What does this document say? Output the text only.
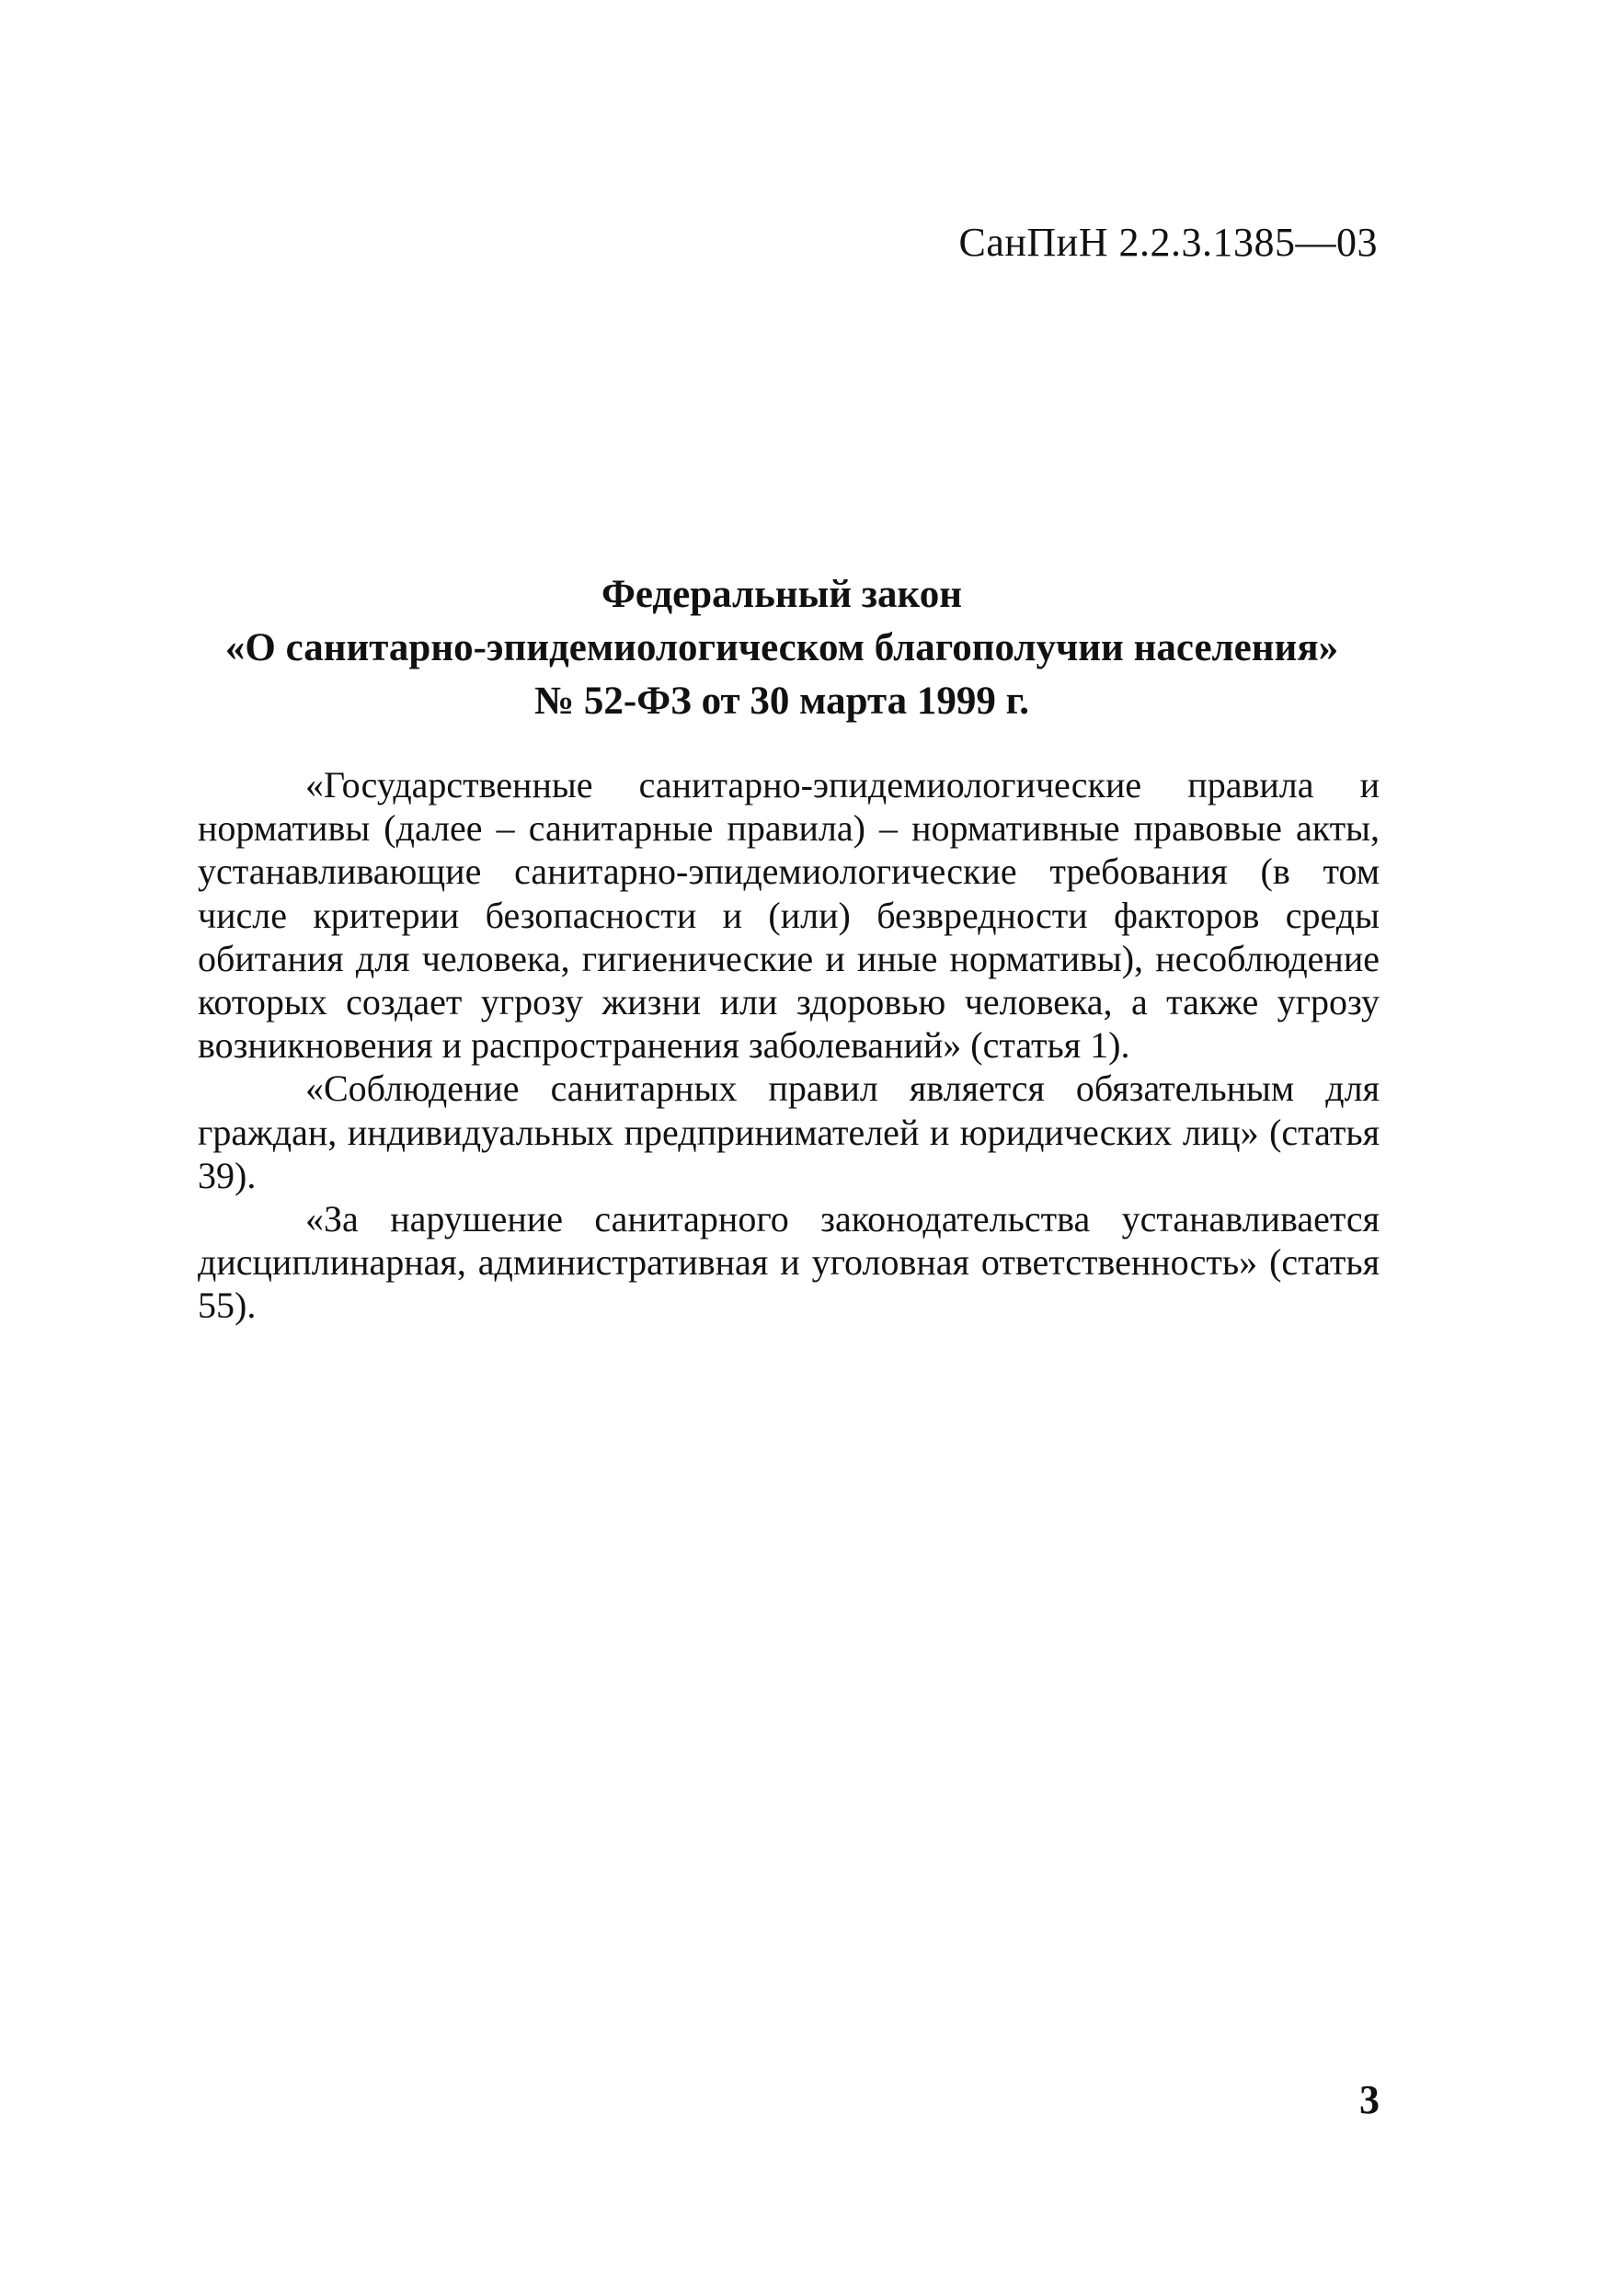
СанПиН 2.2.3.1385—03
Федеральный закон
«О санитарно-эпидемиологическом благополучии населения»
№ 52-ФЗ от 30 марта 1999 г.

«Государственные санитарно-эпидемиологические правила и нормативы (далее – санитарные правила) – нормативные правовые акты, устанавливающие санитарно-эпидемиологические требования (в том числе критерии безопасности и (или) безвредности факторов среды обитания для человека, гигиенические и иные нормативы), несоблюдение которых создает угрозу жизни или здоровью человека, а также угрозу возникновения и распространения заболеваний» (статья 1).

«Соблюдение санитарных правил является обязательным для граждан, индивидуальных предпринимателей и юридических лиц» (статья 39).

«За нарушение санитарного законодательства устанавливается дисциплинарная, административная и уголовная ответственность» (статья 55).

3
